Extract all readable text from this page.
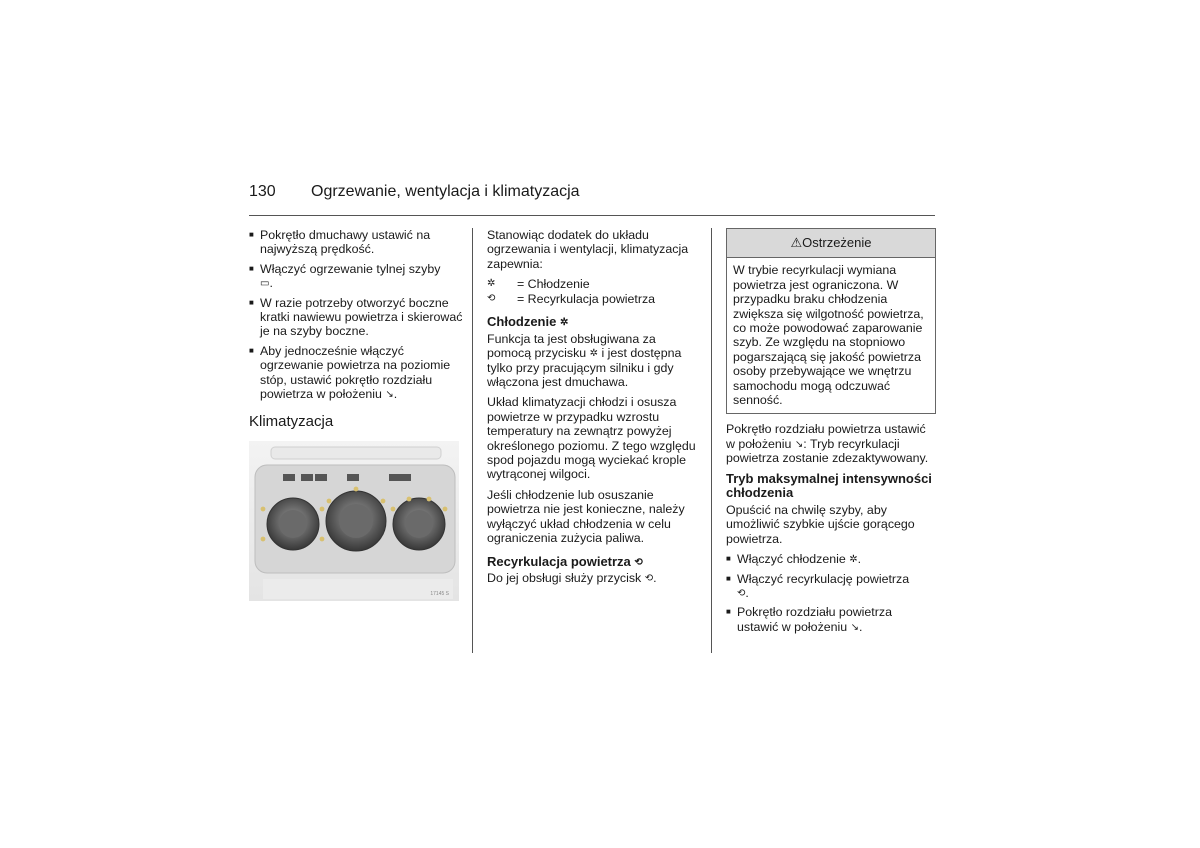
130 Ogrzewanie, wentylacja i klimatyzacja
■ Pokrętło dmuchawy ustawić na najwyższą prędkość.
■ Włączyć ogrzewanie tylnej szyby
▭.
■ W razie potrzeby otworzyć boczne kratki nawiewu powietrza i skierować je na szyby boczne.
■ Aby jednocześnie włączyć ogrzewanie powietrza na poziomie stóp, ustawić pokrętło rozdziału powietrza w położeniu ↘.
Klimatyzacja
17145 S

Stanowiąc dodatek do układu ogrzewania i wentylacji, klimatyzacja zapewnia:

✲ = Chłodzenie
⟲ = Recyrkulacja powietrza
Chłodzenie ✲

Funkcja ta jest obsługiwana za pomocą przycisku ✲ i jest dostępna tylko przy pracującym silniku i gdy włączona jest dmuchawa.

Układ klimatyzacji chłodzi i osusza powietrze w przypadku wzrostu temperatury na zewnątrz powyżej określonego poziomu. Z tego względu spod pojazdu mogą wyciekać krople wytrąconej wilgoci.

Jeśli chłodzenie lub osuszanie powietrza nie jest konieczne, należy wyłączyć układ chłodzenia w celu ograniczenia zużycia paliwa.

Recyrkulacja powietrza ⟲

Do jej obsługi służy przycisk ⟲.

⚠Ostrzeżenie
W trybie recyrkulacji wymiana powietrza jest ograniczona. W przypadku braku chłodzenia zwiększa się wilgotność powietrza, co może powodować zaparowanie szyb. Ze względu na stopniowo pogarszającą się jakość powietrza osoby przebywające we wnętrzu samochodu mogą odczuwać senność.

Pokrętło rozdziału powietrza ustawić w położeniu ↘: Tryb recyrkulacji powietrza zostanie zdezaktywowany.

Tryb maksymalnej intensywności chłodzenia

Opuścić na chwilę szyby, aby umożliwić szybkie ujście gorącego powietrza.

■ Włączyć chłodzenie ✲.
■ Włączyć recyrkulację powietrza
⟲.
■ Pokrętło rozdziału powietrza ustawić w położeniu ↘.
